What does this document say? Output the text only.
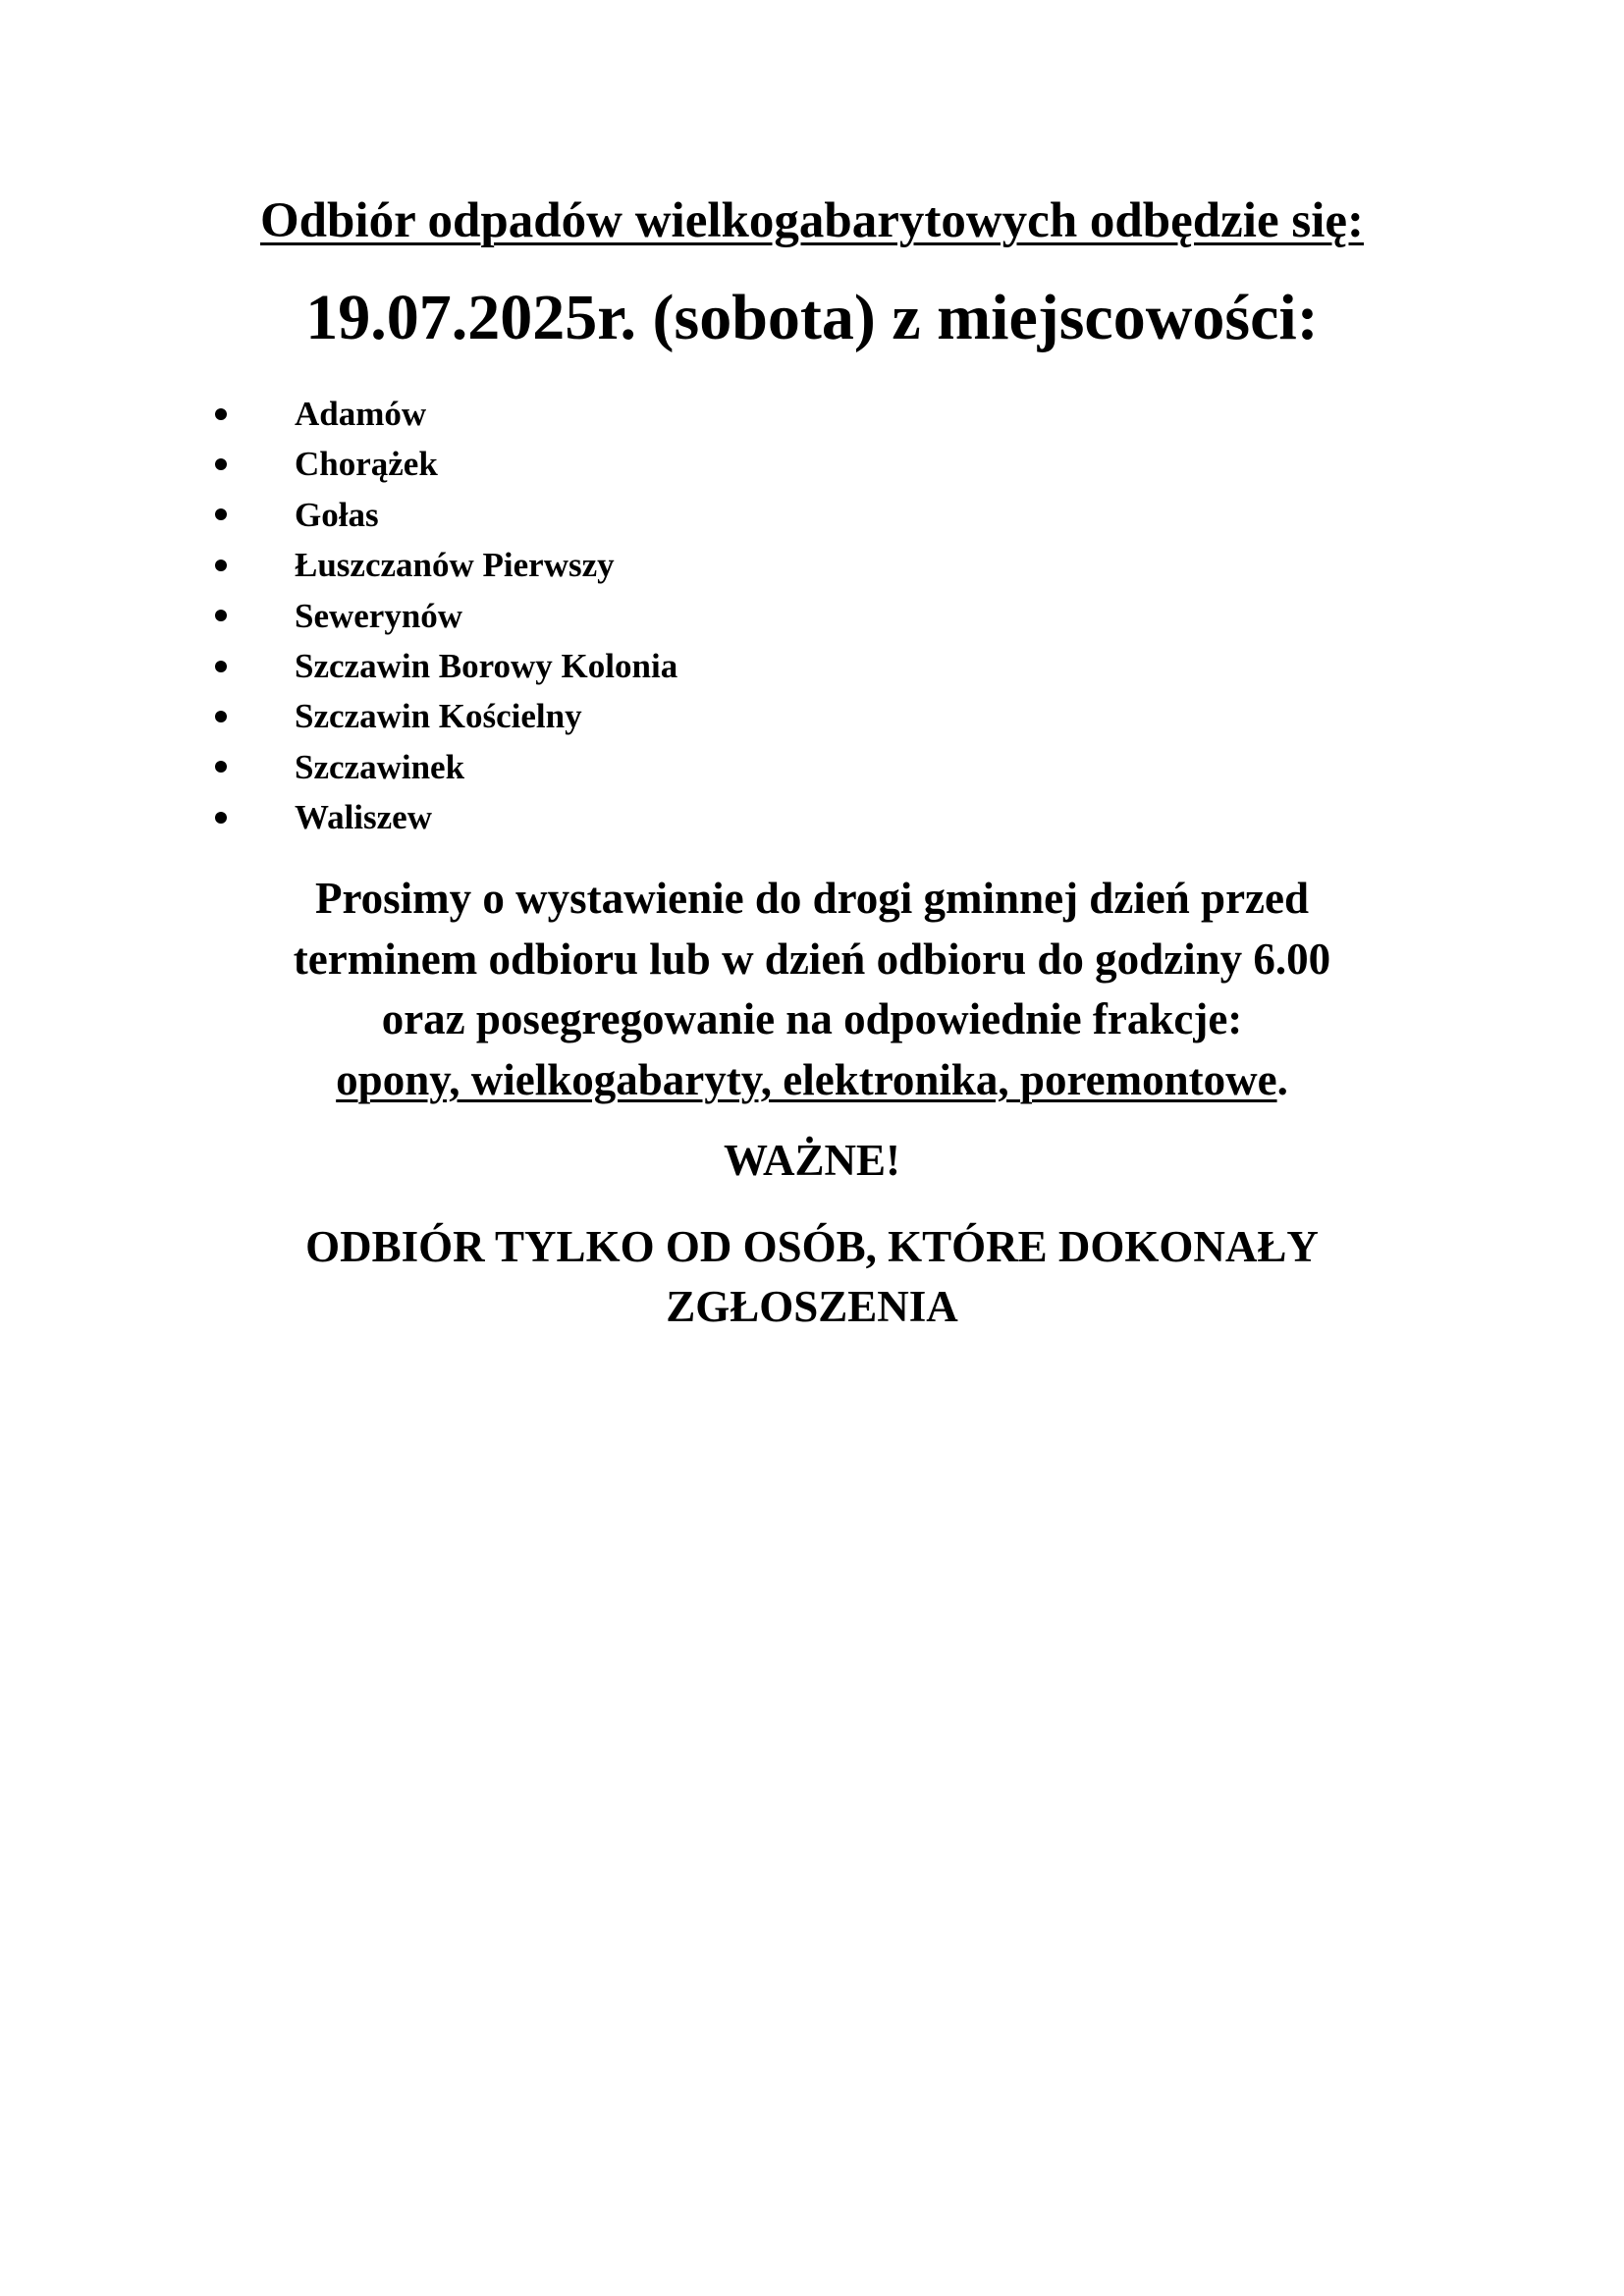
Odbiór odpadów wielkogabarytowych odbędzie się:
19.07.2025r. (sobota) z miejscowości:
Adamów
Chorążek
Gołas
Łuszczanów Pierwszy
Sewerynów
Szczawin Borowy Kolonia
Szczawin Kościelny
Szczawinek
Waliszew
Prosimy o wystawienie do drogi gminnej dzień przed
terminem odbioru lub w dzień odbioru do godziny 6.00
oraz posegregowanie na odpowiednie frakcje:
opony, wielkogabaryty, elektronika, poremontowe.
WAŻNE!
ODBIÓR TYLKO OD OSÓB, KTÓRE DOKONAŁY
ZGŁOSZENIA
